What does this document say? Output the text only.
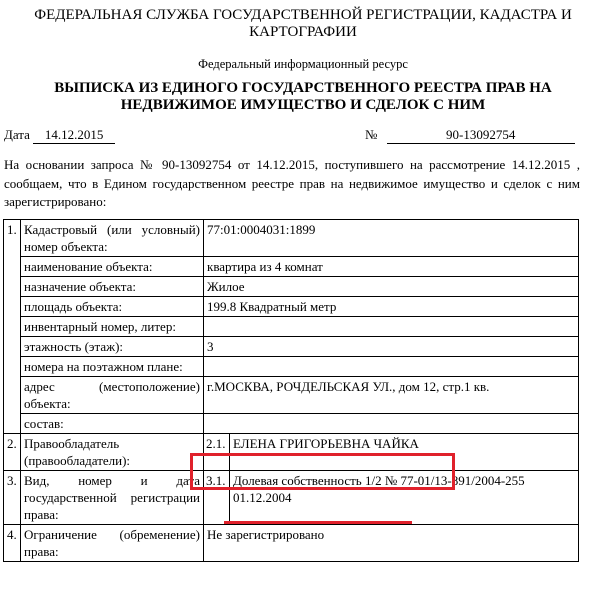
ФЕДЕРАЛЬНАЯ СЛУЖБА ГОСУДАРСТВЕННОЙ РЕГИСТРАЦИИ, КАДАСТРА И КАРТОГРАФИИ
Федеральный информационный ресурс
ВЫПИСКА ИЗ ЕДИНОГО ГОСУДАРСТВЕННОГО РЕЕСТРА ПРАВ НА НЕДВИЖИМОЕ ИМУЩЕСТВО И СДЕЛОК С НИМ
Дата 14.12.2015	№	90-13092754
На основании запроса № 90-13092754 от 14.12.2015, поступившего на рассмотрение 14.12.2015 , сообщаем, что в Едином государственном реестре прав на недвижимое имущество и сделок с ним зарегистрировано:
1.	Кадастровый (или условный) номер объекта:	77:01:0004031:1899	
	наименование объекта:	квартира из 4 комнат	
	назначение объекта:	Жилое	
	площадь объекта:	199.8 Квадратный метр	
	инвентарный номер, литер:		
	этажность (этаж):	3	
	номера на поэтажном плане:		
	адрес (местоположение) объекта:	г.МОСКВА, РОЧДЕЛЬСКАЯ УЛ., дом 12, стр.1 кв.	
	состав:		
2.	Правообладатель (правообладатели):	2.1.	ЕЛЕНА ГРИГОРЬЕВНА ЧАЙКА
3.	Вид, номер и дата государственной регистрации права:	3.1.	Долевая собственность 1/2 № 77-01/13-891/2004-255
01.12.2004

4.	Ограничение (обременение) права:	Не зарегистрировано	
